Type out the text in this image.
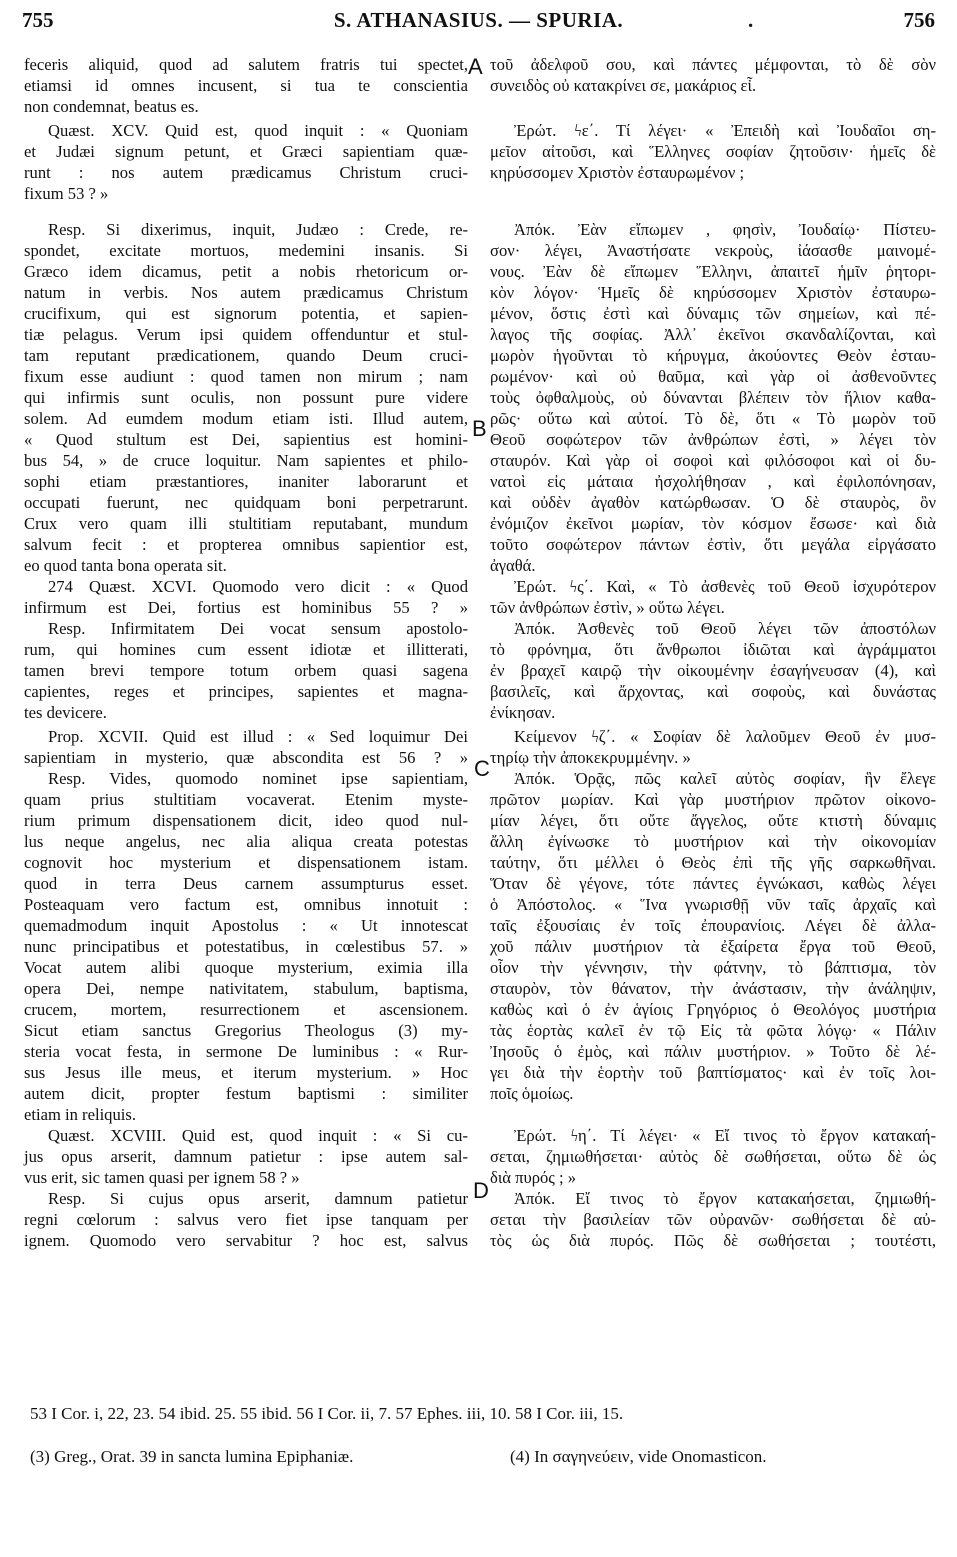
755	S. ATHANASIUS. — SPURIA.	.	756
A
B
C
D
feceris aliquid, quod ad salutem fratris tui spectet,
etiamsi id omnes incusent, si tua te conscientia
non condemnat, beatus es.
Quæst. XCV. Quid est, quod inquit : « Quoniam
et Judæi signum petunt, et Græci sapientiam quæ-
runt : nos autem prædicamus Christum cruci-
fixum 53 ? »
Resp. Si dixerimus, inquit, Judæo : Crede, re-
spondet, excitate mortuos, medemini insanis. Si
Græco idem dicamus, petit a nobis rhetoricum or-
natum in verbis. Nos autem prædicamus Christum
crucifixum, qui est signorum potentia, et sapien-
tiæ pelagus. Verum ipsi quidem offenduntur et stul-
tam reputant prædicationem, quando Deum cruci-
fixum esse audiunt : quod tamen non mirum ; nam
qui infirmis sunt oculis, non possunt pure videre
solem. Ad eumdem modum etiam isti. Illud autem,
« Quod stultum est Dei, sapientius est homini-
bus 54, » de cruce loquitur. Nam sapientes et philo-
sophi etiam præstantiores, inaniter laborarunt et
occupati fuerunt, nec quidquam boni perpetrarunt.
Crux vero quam illi stultitiam reputabant, mundum
salvum fecit : et propterea omnibus sapientior est,
eo quod tanta bona operata sit.
274 Quæst. XCVI. Quomodo vero dicit : « Quod
infirmum est Dei, fortius est hominibus 55 ? »
Resp. Infirmitatem Dei vocat sensum apostolo-
rum, qui homines cum essent idiotæ et illitterati,
tamen brevi tempore totum orbem quasi sagena
capientes, reges et principes, sapientes et magna-
tes devicere.
Prop. XCVII. Quid est illud : « Sed loquimur Dei
sapientiam in mysterio, quæ abscondita est 56 ? »
Resp. Vides, quomodo nominet ipse sapientiam,
quam prius stultitiam vocaverat. Etenim myste-
rium primum dispensationem dicit, ideo quod nul-
lus neque angelus, nec alia aliqua creata potestas
cognovit hoc mysterium et dispensationem istam.
quod in terra Deus carnem assumpturus esset.
Posteaquam vero factum est, omnibus innotuit :
quemadmodum inquit Apostolus : « Ut innotescat
nunc principatibus et potestatibus, in cœlestibus 57. »
Vocat autem alibi quoque mysterium, eximia illa
opera Dei, nempe nativitatem, stabulum, baptisma,
crucem, mortem, resurrectionem et ascensionem.
Sicut etiam sanctus Gregorius Theologus (3) my-
steria vocat festa, in sermone De luminibus : « Rur-
sus Jesus ille meus, et iterum mysterium. » Hoc
autem dicit, propter festum baptismi : similiter
etiam in reliquis.
Quæst. XCVIII. Quid est, quod inquit : « Si cu-
jus opus arserit, damnum patietur : ipse autem sal-
vus erit, sic tamen quasi per ignem 58 ? »
Resp. Si cujus opus arserit, damnum patietur
regni cœlorum : salvus vero fiet ipse tanquam per
ignem. Quomodo vero servabitur ? hoc est, salvus
τοῦ ἀδελφοῦ σου, καὶ πάντες μέμφονται, τὸ δὲ σὸν
συνειδὸς οὐ κατακρίνει σε, μακάριος εἶ.
Ἐρώτ. ϟε΄. Τί λέγει· « Ἐπειδὴ καὶ Ἰουδαῖοι ση-
μεῖον αἰτοῦσι, καὶ Ἕλληνες σοφίαν ζητοῦσιν· ἡμεῖς δὲ
κηρύσσομεν Χριστὸν ἐσταυρωμένον ;
Ἀπόκ. Ἐὰν εἴπωμεν , φησὶν, Ἰουδαίῳ· Πίστευ-
σον· λέγει, Ἀναστήσατε νεκροὺς, ἰάσασθε μαινομέ-
νους. Ἐὰν δὲ εἴπωμεν Ἕλληνι, ἀπαιτεῖ ἡμῖν ῥητορι-
κὸν λόγον· Ἡμεῖς δὲ κηρύσσομεν Χριστὸν ἐσταυρω-
μένον, ὅστις ἐστὶ καὶ δύναμις τῶν σημείων, καὶ πέ-
λαγος τῆς σοφίας. Ἀλλ᾽ ἐκεῖνοι σκανδαλίζονται, καὶ
μωρὸν ἡγοῦνται τὸ κήρυγμα, ἀκούοντες Θεὸν ἐσταυ-
ρωμένον· καὶ οὐ θαῦμα, καὶ γὰρ οἱ ἀσθενοῦντες
τοὺς ὀφθαλμοὺς, οὐ δύνανται βλέπειν τὸν ἥλιον καθα-
ρῶς· οὕτω καὶ αὐτοί. Τὸ δὲ, ὅτι « Τὸ μωρὸν τοῦ
Θεοῦ σοφώτερον τῶν ἀνθρώπων ἐστὶ, » λέγει τὸν
σταυρόν. Καὶ γὰρ οἱ σοφοὶ καὶ φιλόσοφοι καὶ οἱ δυ-
νατοὶ εἰς μάταια ἠσχολήθησαν , καὶ ἐφιλοπόνησαν,
καὶ οὐδὲν ἀγαθὸν κατώρθωσαν. Ὁ δὲ σταυρὸς, ὃν
ἐνόμιζον ἐκεῖνοι μωρίαν, τὸν κόσμον ἔσωσε· καὶ διὰ
τοῦτο σοφώτερον πάντων ἐστὶν, ὅτι μεγάλα εἰργάσατο
ἀγαθά.
Ἐρώτ. ϟς΄. Καὶ, « Τὸ ἀσθενὲς τοῦ Θεοῦ ἰσχυρότερον
τῶν ἀνθρώπων ἐστὶν, » οὕτω λέγει.
Ἀπόκ. Ἀσθενὲς τοῦ Θεοῦ λέγει τῶν ἀποστόλων
τὸ φρόνημα, ὅτι ἄνθρωποι ἰδιῶται καὶ ἀγράμματοι
ἐν βραχεῖ καιρῷ τὴν οἰκουμένην ἐσαγήνευσαν (4), καὶ
βασιλεῖς, καὶ ἄρχοντας, καὶ σοφοὺς, καὶ δυνάστας
ἐνίκησαν.
Κείμενον ϟζ΄. « Σοφίαν δὲ λαλοῦμεν Θεοῦ ἐν μυσ-
τηρίῳ τὴν ἀποκεκρυμμένην. »
Ἀπόκ. Ὁρᾷς, πῶς καλεῖ αὐτὸς σοφίαν, ἣν ἔλεγε
πρῶτον μωρίαν. Καὶ γὰρ μυστήριον πρῶτον οἰκονο-
μίαν λέγει, ὅτι οὔτε ἄγγελος, οὔτε κτιστὴ δύναμις
ἄλλη ἐγίνωσκε τὸ μυστήριον καὶ τὴν οἰκονομίαν
ταύτην, ὅτι μέλλει ὁ Θεὸς ἐπὶ τῆς γῆς σαρκωθῆναι.
Ὅταν δὲ γέγονε, τότε πάντες ἐγνώκασι, καθὼς λέγει
ὁ Ἀπόστολος. « Ἵνα γνωρισθῇ νῦν ταῖς ἀρχαῖς καὶ
ταῖς ἐξουσίαις ἐν τοῖς ἐπουρανίοις. Λέγει δὲ ἀλλα-
χοῦ πάλιν μυστήριον τὰ ἐξαίρετα ἔργα τοῦ Θεοῦ,
οἷον τὴν γέννησιν, τὴν φάτνην, τὸ βάπτισμα, τὸν
σταυρὸν, τὸν θάνατον, τὴν ἀνάστασιν, τὴν ἀνάληψιν,
καθὼς καὶ ὁ ἐν ἁγίοις Γρηγόριος ὁ Θεολόγος μυστήρια
τὰς ἑορτὰς καλεῖ ἐν τῷ Εἰς τὰ φῶτα λόγῳ· « Πάλιν
Ἰησοῦς ὁ ἐμὸς, καὶ πάλιν μυστήριον. » Τοῦτο δὲ λέ-
γει διὰ τὴν ἑορτὴν τοῦ βαπτίσματος· καὶ ἐν τοῖς λοι-
ποῖς ὁμοίως.
Ἐρώτ. ϟη΄. Τί λέγει· « Εἴ τινος τὸ ἔργον κατακαή-
σεται, ζημιωθήσεται· αὐτὸς δὲ σωθήσεται, οὕτω δὲ ὡς
διὰ πυρός ; »
Ἀπόκ. Εἴ τινος τὸ ἔργον κατακαήσεται, ζημιωθή-
σεται τὴν βασιλείαν τῶν οὐρανῶν· σωθήσεται δὲ αὐ-
τὸς ὡς διὰ πυρός. Πῶς δὲ σωθήσεται ; τουτέστι,
53 I Cor. i, 22, 23. 54 ibid. 25. 55 ibid. 56 I Cor. ii, 7. 57 Ephes. iii, 10. 58 I Cor. iii, 15.
(3) Greg., Orat. 39 in sancta lumina Epiphaniæ.	(4) In σαγηνεύειν, vide Onomasticon.
